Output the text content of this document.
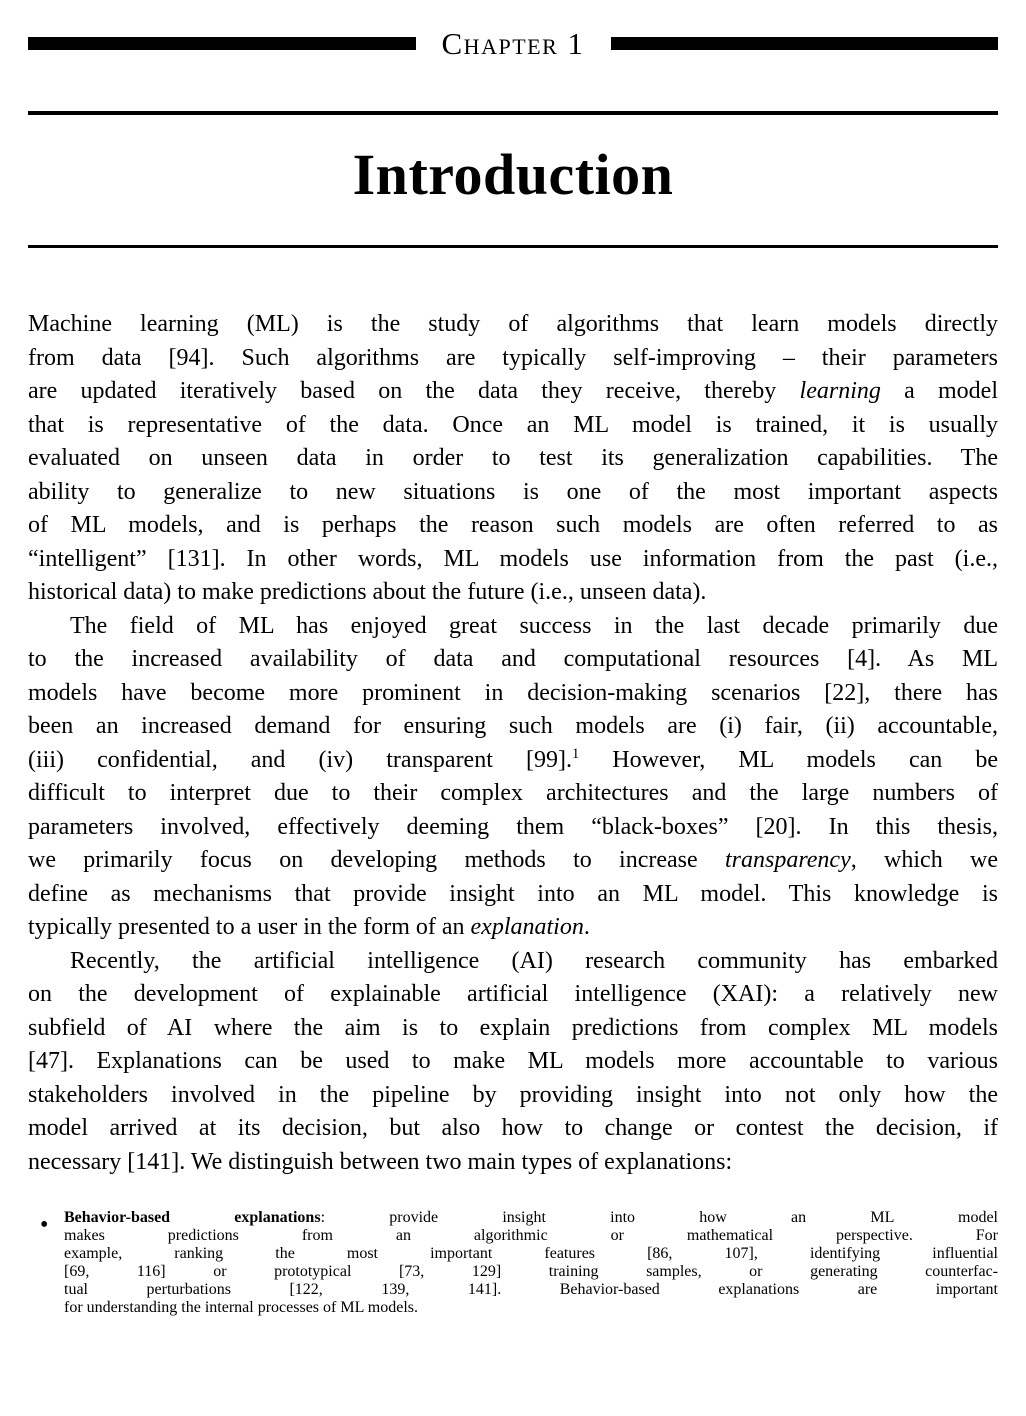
Chapter 1
Introduction
Machine learning (ML) is the study of algorithms that learn models directly
from data [94]. Such algorithms are typically self-improving – their parameters
are updated iteratively based on the data they receive, thereby learning a model
that is representative of the data. Once an ML model is trained, it is usually
evaluated on unseen data in order to test its generalization capabilities. The
ability to generalize to new situations is one of the most important aspects
of ML models, and is perhaps the reason such models are often referred to as
“intelligent” [131]. In other words, ML models use information from the past (i.e.,
historical data) to make predictions about the future (i.e., unseen data).
The field of ML has enjoyed great success in the last decade primarily due
to the increased availability of data and computational resources [4]. As ML
models have become more prominent in decision-making scenarios [22], there has
been an increased demand for ensuring such models are (i) fair, (ii) accountable,
(iii) confidential, and (iv) transparent [99].$^1$ However, ML models can be
difficult to interpret due to their complex architectures and the large numbers of
parameters involved, effectively deeming them “black-boxes” [20]. In this thesis,
we primarily focus on developing methods to increase transparency, which we
define as mechanisms that provide insight into an ML model. This knowledge is
typically presented to a user in the form of an explanation.
Recently, the artificial intelligence (AI) research community has embarked
on the development of explainable artificial intelligence (XAI): a relatively new
subfield of AI where the aim is to explain predictions from complex ML models
[47]. Explanations can be used to make ML models more accountable to various
stakeholders involved in the pipeline by providing insight into not only how the
model arrived at its decision, but also how to change or contest the decision, if
necessary [141]. We distinguish between two main types of explanations:
• Behavior-based explanations: provide insight into how an ML model
makes predictions from an algorithmic or mathematical perspective. For
example, ranking the most important features [86, 107], identifying influential
[69, 116] or prototypical [73, 129] training samples, or generating counterfac-
tual perturbations [122, 139, 141]. Behavior-based explanations are important
for understanding the internal processes of ML models.
